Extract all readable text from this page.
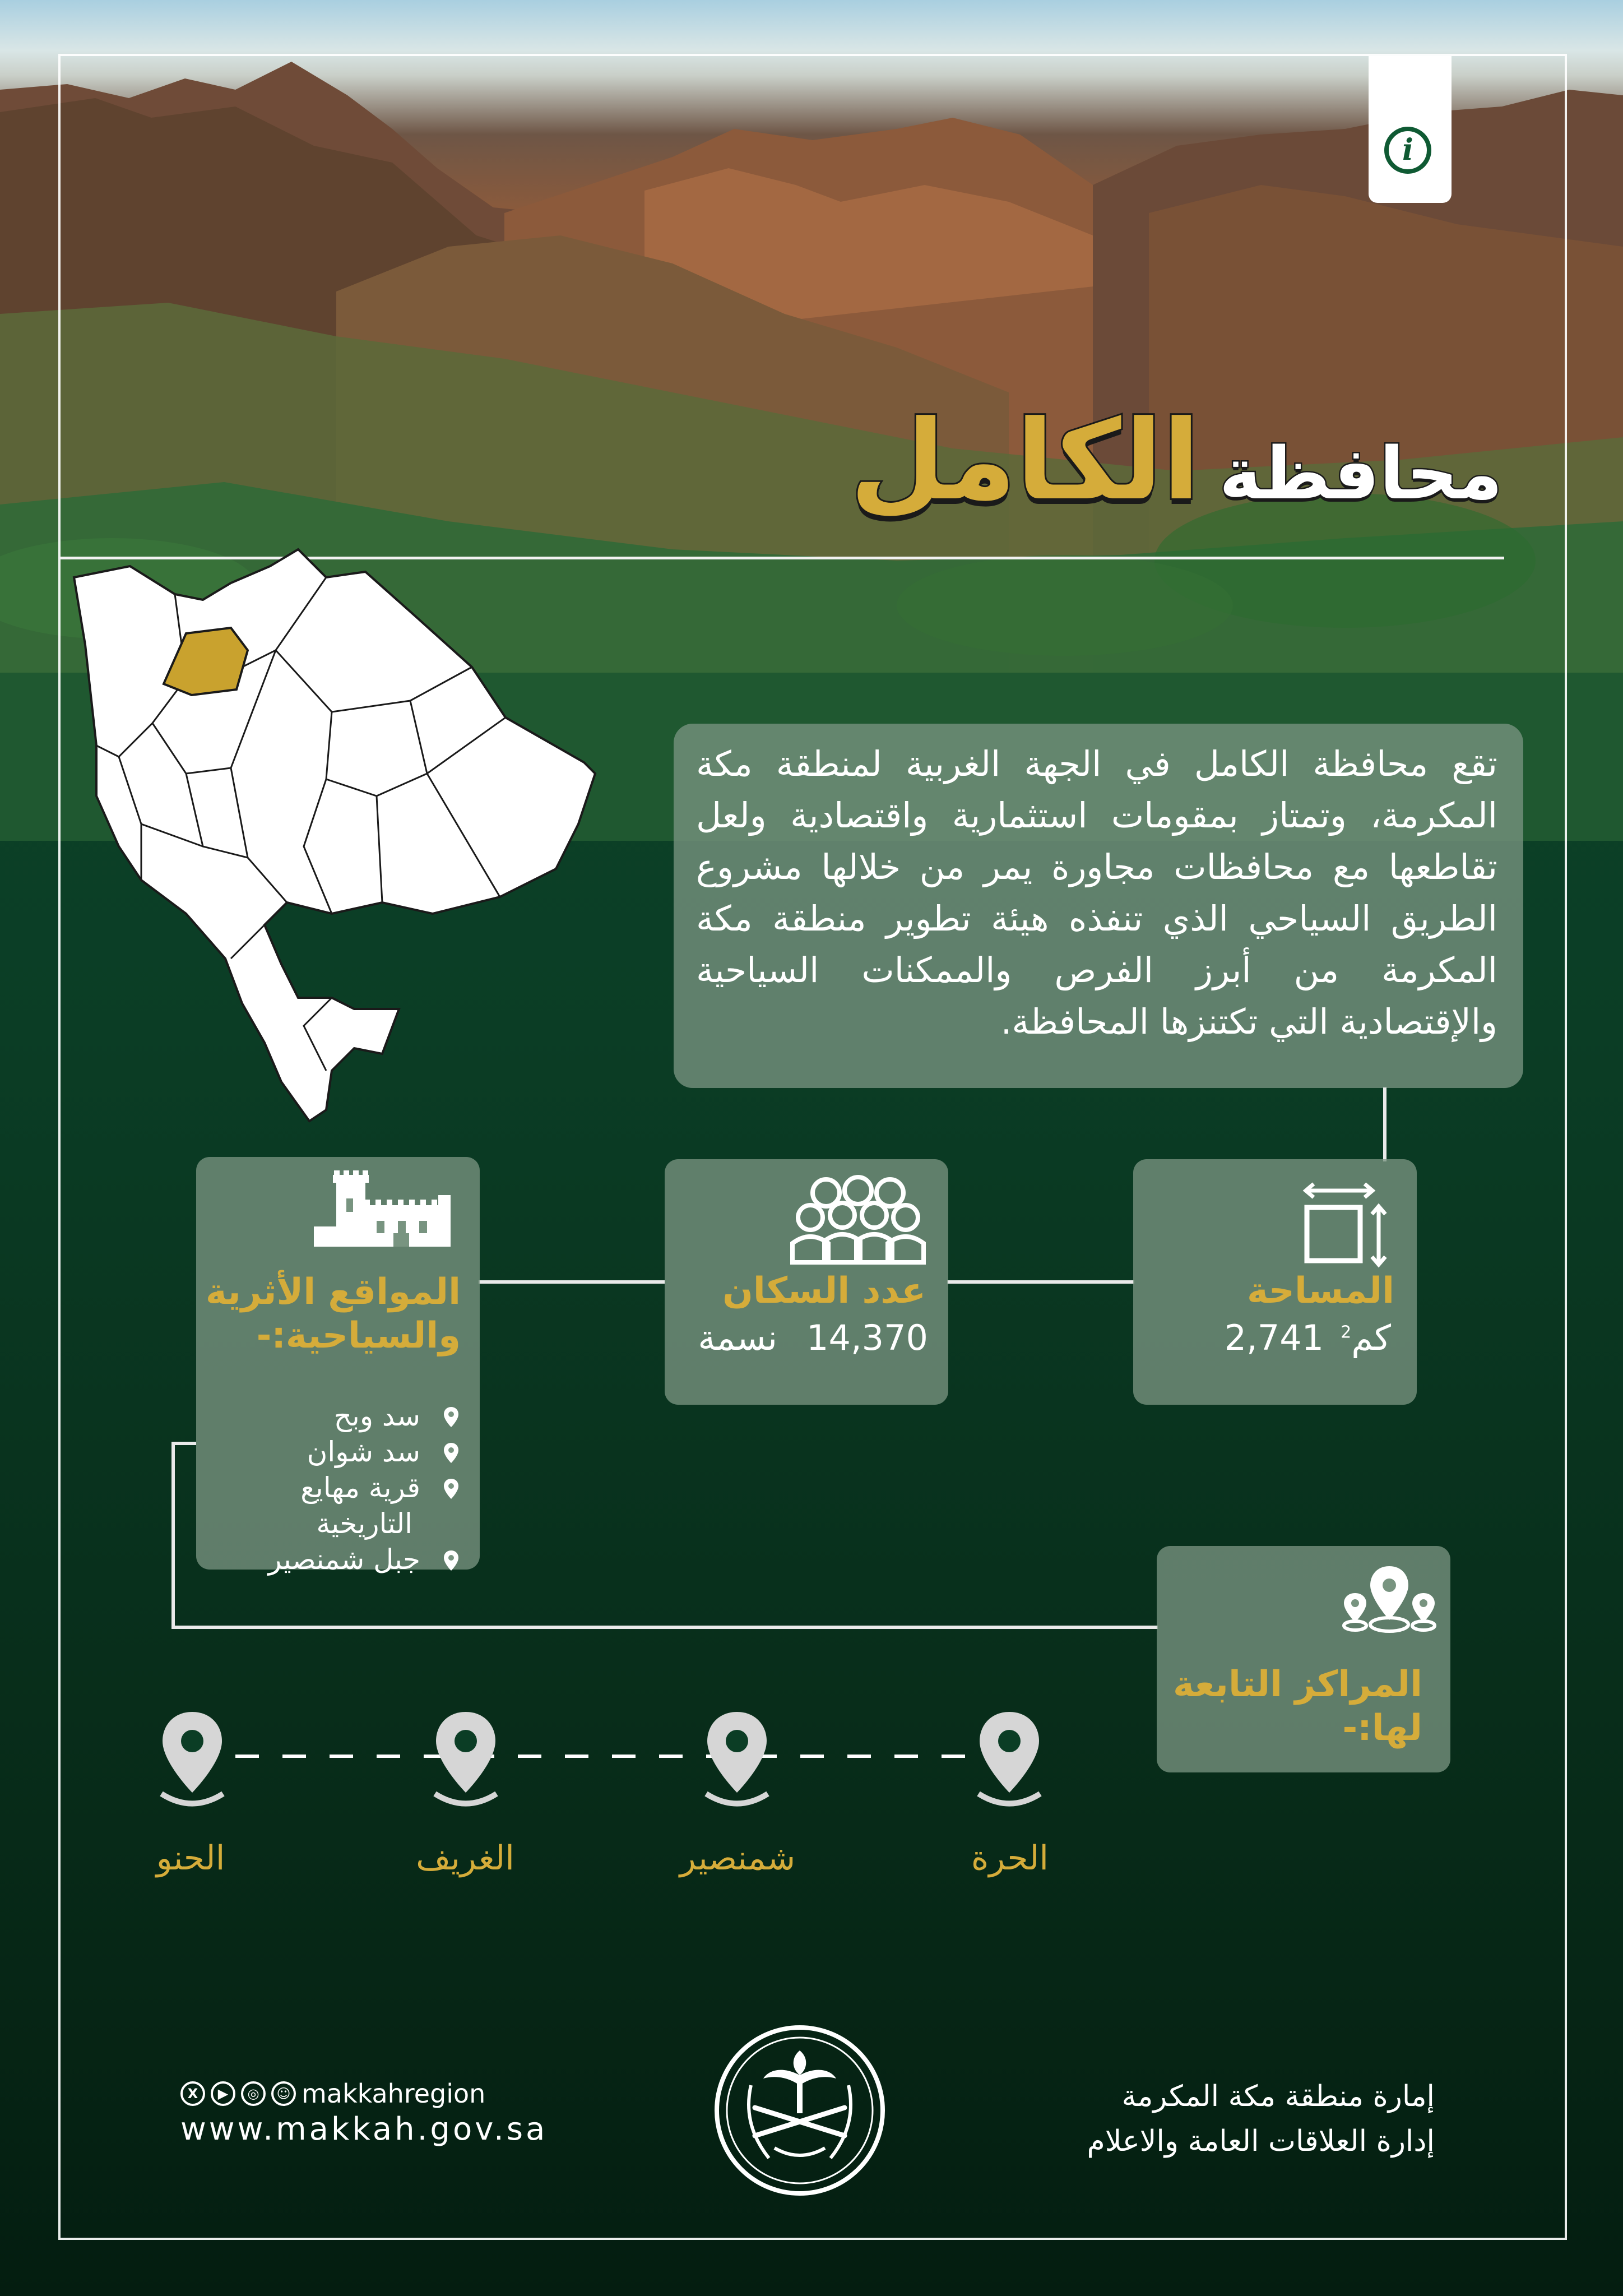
i
محافظة
الكامل
تقع محافظة الكامل في الجهة الغربية لمنطقة مكة المكرمة، وتمتاز بمقومات استثمارية واقتصادية ولعل تقاطعها مع محافظات مجاورة يمر من خلالها مشروع الطريق السياحي الذي تنفذه هيئة تطوير منطقة مكة المكرمة من أبرز الفرص والممكنات السياحية والإقتصادية التي تكتنزها المحافظة.
المساحة
كم$^2$
2,741
عدد السكان
14,370
نسمة
المواقع الأثرية
والسياحية:-
سد وبح
سد شوان
قرية مهايع
التاريخية
جبل شمنصير
المراكز التابعة
لها:-
الحرة
شمنصير
الغريف
الحنو
إمارة منطقة مكة المكرمة
إدارة العلاقات العامة والاعلام
X	▶	◎	☺ makkahregion
www.makkah.gov.sa
